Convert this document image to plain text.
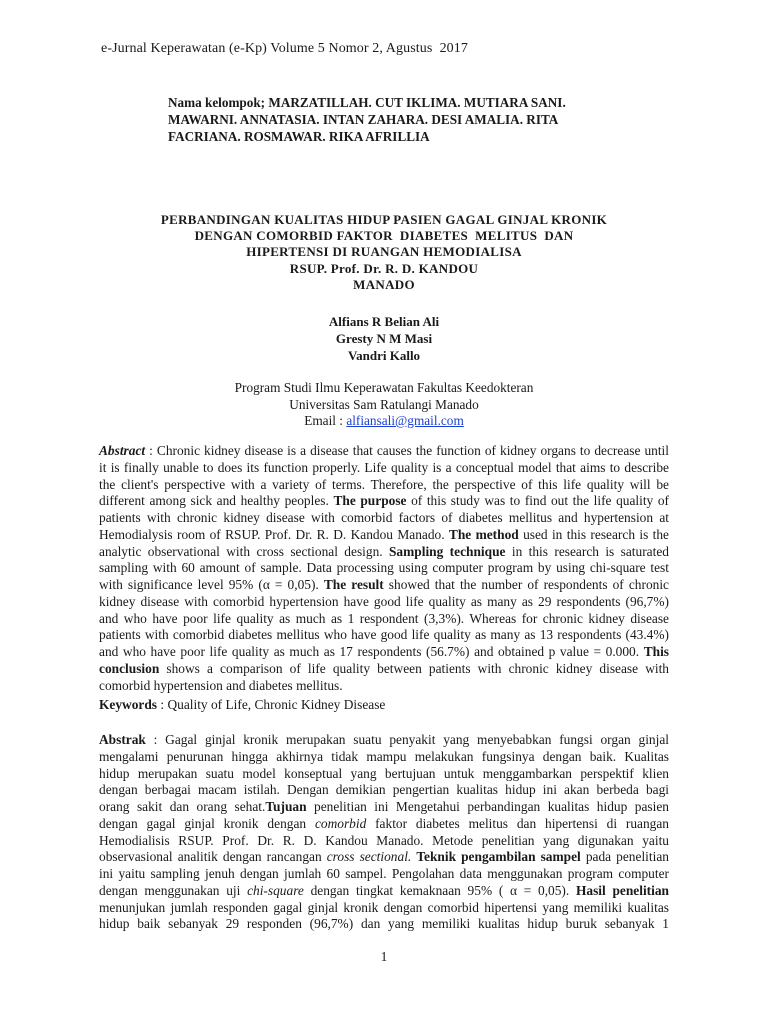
e-Jurnal Keperawatan (e-Kp) Volume 5 Nomor 2, Agustus  2017
Nama kelompok; MARZATILLAH. CUT IKLIMA. MUTIARA SANI.
MAWARNI. ANNATASIA. INTAN ZAHARA. DESI AMALIA. RITA
FACRIANA. ROSMAWAR. RIKA AFRILLIA
PERBANDINGAN KUALITAS HIDUP PASIEN GAGAL GINJAL KRONIK
DENGAN COMORBID FAKTOR  DIABETES  MELITUS  DAN
HIPERTENSI DI RUANGAN HEMODIALISA
RSUP. Prof. Dr. R. D. KANDOU
MANADO
Alfians R Belian Ali
Gresty N M Masi
Vandri Kallo
Program Studi Ilmu Keperawatan Fakultas Keedokteran
Universitas Sam Ratulangi Manado
Email : alfiansali@gmail.com
Abstract : Chronic kidney disease is a disease that causes the function of kidney organs to decrease until
it is finally unable to does its function properly. Life quality is a conceptual model that aims to describe
the client's perspective with a variety of terms. Therefore, the perspective of this life quality will be
different among sick and healthy peoples. The purpose of this study was to find out the life quality of
patients with chronic kidney disease with comorbid factors of diabetes mellitus and hypertension at
Hemodialysis room of RSUP. Prof. Dr. R. D. Kandou Manado. The method used in this research is the
analytic observational with cross sectional design. Sampling technique in this research is saturated
sampling with 60 amount of sample. Data processing using computer program by using chi-square test
with significance level 95% (α = 0,05). The result showed that the number of respondents of chronic
kidney disease with comorbid hypertension have good life quality as many as 29 respondents (96,7%)
and who have poor life quality as much as 1 respondent (3,3%). Whereas for chronic kidney disease
patients with comorbid diabetes mellitus who have good life quality as many as 13 respondents (43.4%)
and who have poor life quality as much as 17 respondents (56.7%) and obtained p value = 0.000. This
conclusion shows a comparison of life quality between patients with chronic kidney disease with
comorbid hypertension and diabetes mellitus.
Keywords : Quality of Life, Chronic Kidney Disease
Abstrak : Gagal ginjal kronik merupakan suatu penyakit yang menyebabkan fungsi organ ginjal
mengalami penurunan hingga akhirnya tidak mampu melakukan fungsinya dengan baik. Kualitas
hidup merupakan suatu model konseptual yang bertujuan untuk menggambarkan perspektif klien
dengan berbagai macam istilah. Dengan demikian pengertian kualitas hidup ini akan berbeda bagi
orang sakit dan orang sehat.Tujuan penelitian ini Mengetahui perbandingan kualitas hidup pasien
dengan gagal ginjal kronik dengan comorbid faktor diabetes melitus dan hipertensi di ruangan
Hemodialisis RSUP. Prof. Dr. R. D. Kandou Manado. Metode penelitian yang digunakan yaitu
observasional analitik dengan rancangan cross sectional. Teknik pengambilan sampel pada penelitian
ini yaitu sampling jenuh dengan jumlah 60 sampel. Pengolahan data menggunakan program computer
dengan menggunakan uji chi-square dengan tingkat kemaknaan 95% ( α = 0,05). Hasil penelitian
menunjukan jumlah responden gagal ginjal kronik dengan comorbid hipertensi yang memiliki kualitas
hidup baik sebanyak 29 responden (96,7%) dan yang memiliki kualitas hidup buruk sebanyak 1
1
